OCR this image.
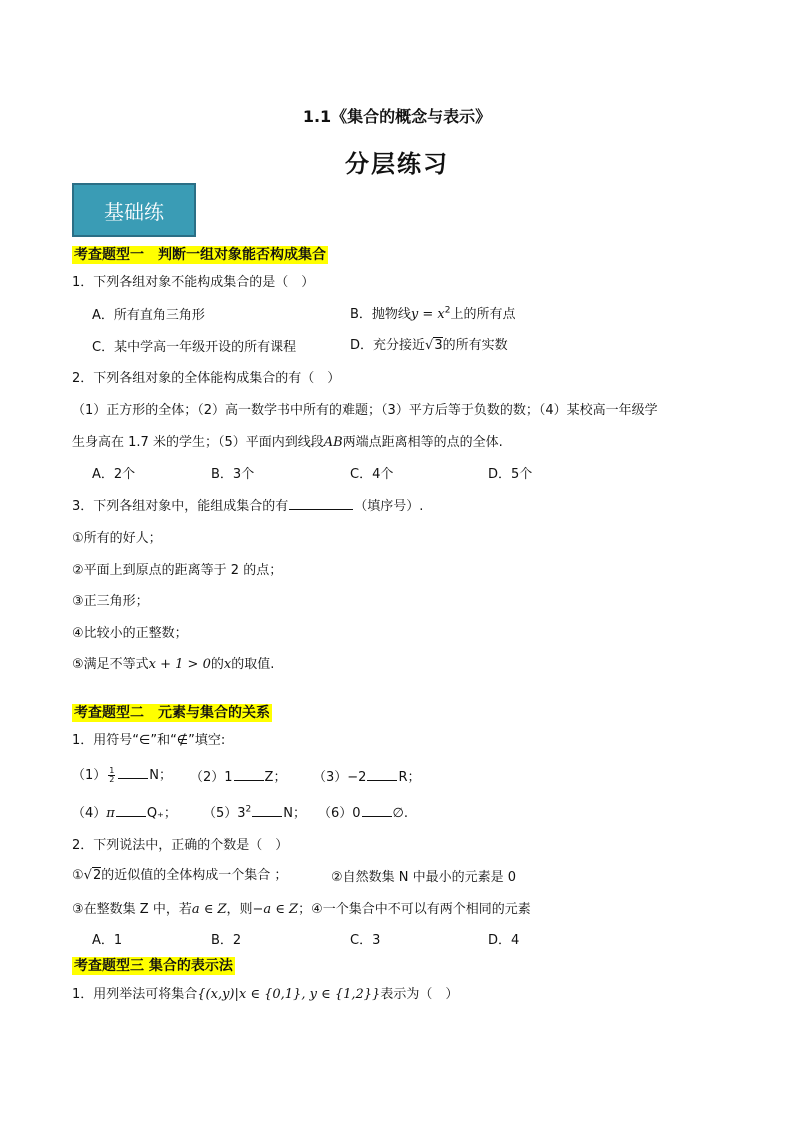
1.1《集合的概念与表示》
分层练习
基础练
考查题型一　判断一组对象能否构成集合
1．下列各组对象不能构成集合的是（　）
A．所有直角三角形	B．抛物线$y = x^2$上的所有点
C．某中学高一年级开设的所有课程	D．充分接近√3的所有实数
2．下列各组对象的全体能构成集合的有（　）
（1）正方形的全体；（2）高一数学书中所有的难题；（3）平方后等于负数的数；（4）某校高一年级学
生身高在 1.7 米的学生；（5）平面内到线段AB两端点距离相等的点的全体.
A．2个	B．3个	C．4个	D．5个
3．下列各组对象中，能组成集合的有	（填序号）.
①所有的好人；
②平面上到原点的距离等于 2 的点；
③正三角形；
④比较小的正整数；
⑤满足不等式x + 1 > 0的x的取值.
考查题型二　元素与集合的关系
1．用符号“∈”和“∉”填空:
$(1) \frac{1}{2}$	N； （2）1 Z； （3）−2 R；
（4）π Q₊； $(5)3^2$ N； （6）0 ∅.
2．下列说法中，正确的个数是（　）
①√2的近似值的全体构成一个集合 ；	②自然数集 N 中最小的元素是 0
③在整数集 Z 中，若a ∈ Z，则−a ∈ Z；④一个集合中不可以有两个相同的元素
A．1	B．2	C．3	D．4
考查题型三 集合的表示法
1．用列举法可将集合{(x,y)|x ∈ {0,1}, y ∈ {1,2}}表示为（　）
